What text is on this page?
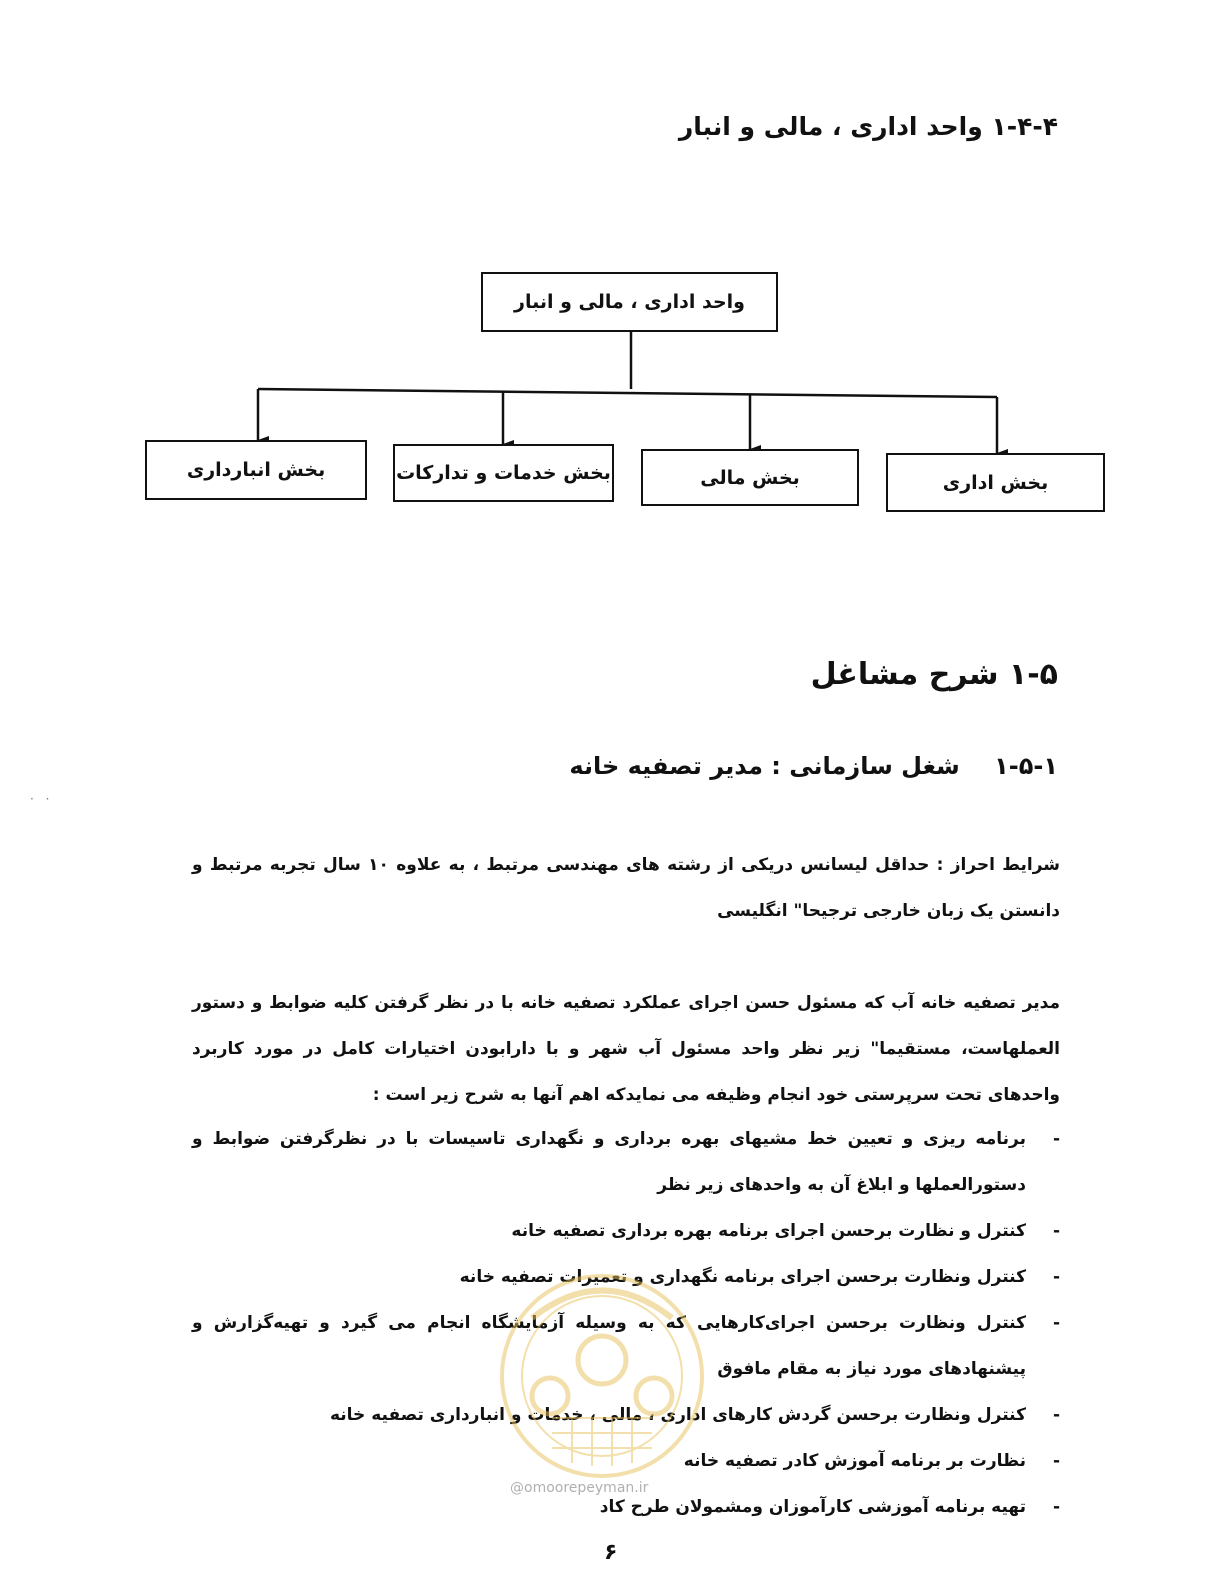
۱-۴-۴ واحد اداری ، مالی و انبار
واحد اداری ، مالی و انبار
بخش اداری
بخش مالی
بخش خدمات و تدارکات
بخش انبارداری
۱-۵ شرح مشاغل
۱-۵-۱ شغل سازمانی : مدیر تصفیه خانه
شرایط احراز : حداقل لیسانس دریکی از رشته های مهندسی مرتبط ، به علاوه ۱۰ سال تجربه مرتبط و دانستن یک زبان خارجی ترجیحا" انگلیسی
مدیر تصفیه خانه آب که مسئول حسن اجرای عملکرد تصفیه خانه با در نظر گرفتن کلیه ضوابط و دستور العملهاست، مستقیما" زیر نظر واحد مسئول آب شهر و با دارابودن اختیارات کامل در مورد کاربرد واحدهای تحت سرپرستی خود انجام وظیفه می نمایدکه اهم آنها به شرح زیر است :
-
برنامه ریزی و تعیین خط مشیهای بهره برداری و نگهداری تاسیسات با در نظرگرفتن ضوابط و دستورالعملها و ابلاغ آن به واحدهای زیر نظر
-
کنترل و نظارت برحسن اجرای برنامه بهره برداری تصفیه خانه
-
کنترل ونظارت برحسن اجرای برنامه نگهداری و تعمیرات تصفیه خانه
-
کنترل ونظارت برحسن اجرای‌کارهایی که به وسیله آزمایشگاه انجام می گیرد و تهیه‌گزارش و پیشنهادهای مورد نیاز به مقام مافوق
-
کنترل ونظارت برحسن گردش کارهای اداری ، مالی ، خدمات و انبارداری تصفیه خانه
-
نظارت بر برنامه آموزش کادر تصفیه خانه
-
تهیه برنامه آموزشی کارآموزان ومشمولان طرح کاد
@omoorepeyman.ir
· ·
۶
